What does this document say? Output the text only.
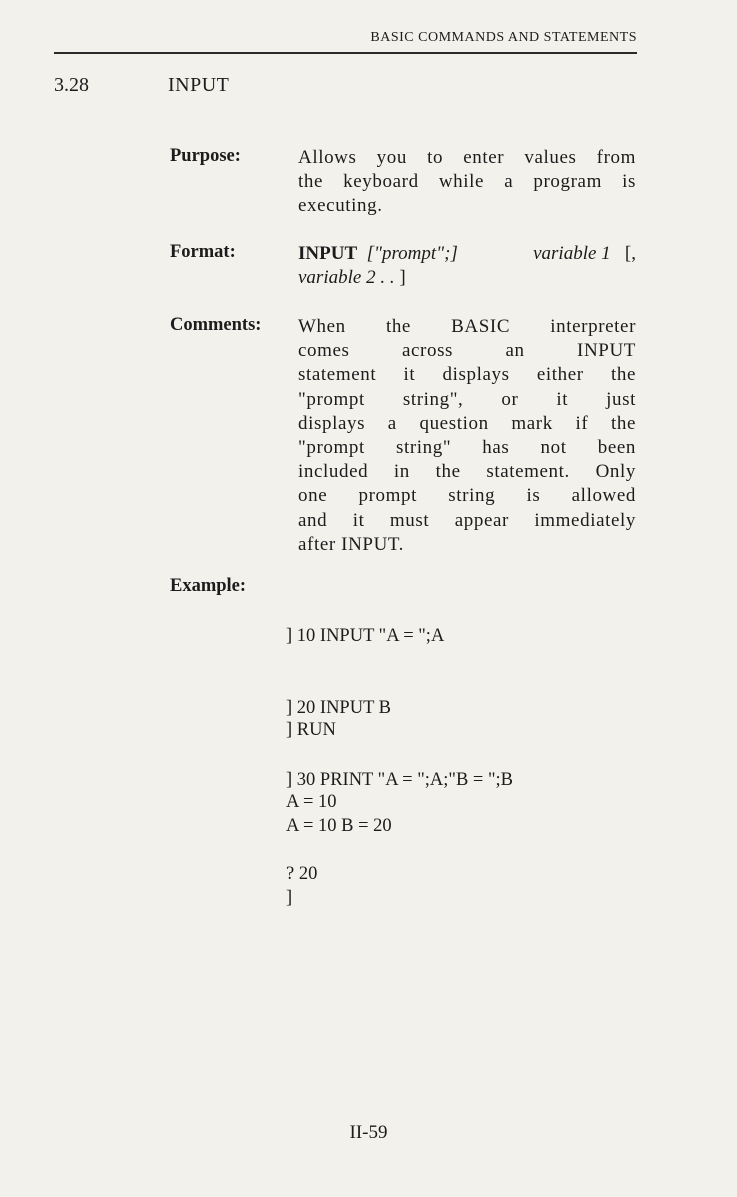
BASIC COMMANDS AND STATEMENTS
3.28	INPUT
Purpose:	Allows you to enter values from
the keyboard while a program is
executing.
Format:	INPUT ["prompt";]	variable 1 [,
variable 2 . . ]
Comments: When the BASIC interpreter
comes across an INPUT
statement it displays either the
"prompt string", or it just
displays a question mark if the
"prompt string" has not been
included in the statement. Only
one prompt string is allowed
and it must appear immediately
after INPUT.
Example:

] 10 INPUT "A = ";A

] 20 INPUT B

] 30 PRINT "A = ";A;"B = ";B

] RUN

A = 10

? 20

A = 10 B = 20

]

II-59
